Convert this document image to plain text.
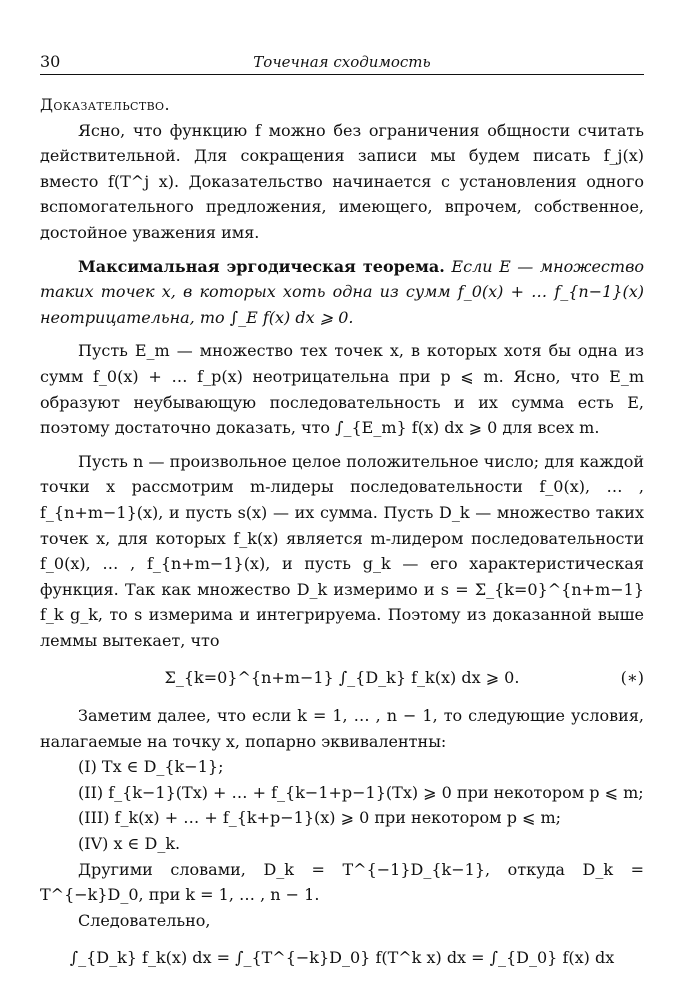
30	Точечная сходимость

Доказательство.

Ясно, что функцию f можно без ограничения общности считать действительной. Для сокращения записи мы будем писать f_j(x) вместо f(T^j x). Доказательство начинается с установления одного вспомогательного предложения, имеющего, впрочем, собственное, достойное уважения имя.

Максимальная эргодическая теорема. Если E — множество таких точек x, в которых хоть одна из сумм f_0(x) + … f_{n−1}(x) неотрицательна, то ∫_E f(x) dx ⩾ 0.

Пусть E_m — множество тех точек x, в которых хотя бы одна из сумм f_0(x) + … f_p(x) неотрицательна при p ⩽ m. Ясно, что E_m образуют неубывающую последовательность и их сумма есть E, поэтому достаточно доказать, что ∫_{E_m} f(x) dx ⩾ 0 для всех m.

Пусть n — произвольное целое положительное число; для каждой точки x рассмотрим m-лидеры последовательности f_0(x), … , f_{n+m−1}(x), и пусть s(x) — их сумма. Пусть D_k — множество таких точек x, для которых f_k(x) является m-лидером последовательности f_0(x), … , f_{n+m−1}(x), и пусть g_k — его характеристическая функция. Так как множество D_k измеримо и s = Σ_{k=0}^{n+m−1} f_k g_k, то s измерима и интегрируема. Поэтому из доказанной выше леммы вытекает, что

Σ_{k=0}^{n+m−1} ∫_{D_k} f_k(x) dx ⩾ 0.	(∗)

Заметим далее, что если k = 1, … , n − 1, то следующие условия, налагаемые на точку x, попарно эквивалентны:

(I) Tx ∈ D_{k−1};
(II) f_{k−1}(Tx) + … + f_{k−1+p−1}(Tx) ⩾ 0 при некотором p ⩽ m;
(III) f_k(x) + … + f_{k+p−1}(x) ⩾ 0 при некотором p ⩽ m;
(IV) x ∈ D_k.

Другими словами, D_k = T^{−1}D_{k−1}, откуда D_k = T^{−k}D_0, при k = 1, … , n − 1.

Следовательно,

∫_{D_k} f_k(x) dx = ∫_{T^{−k}D_0} f(T^k x) dx = ∫_{D_0} f(x) dx
